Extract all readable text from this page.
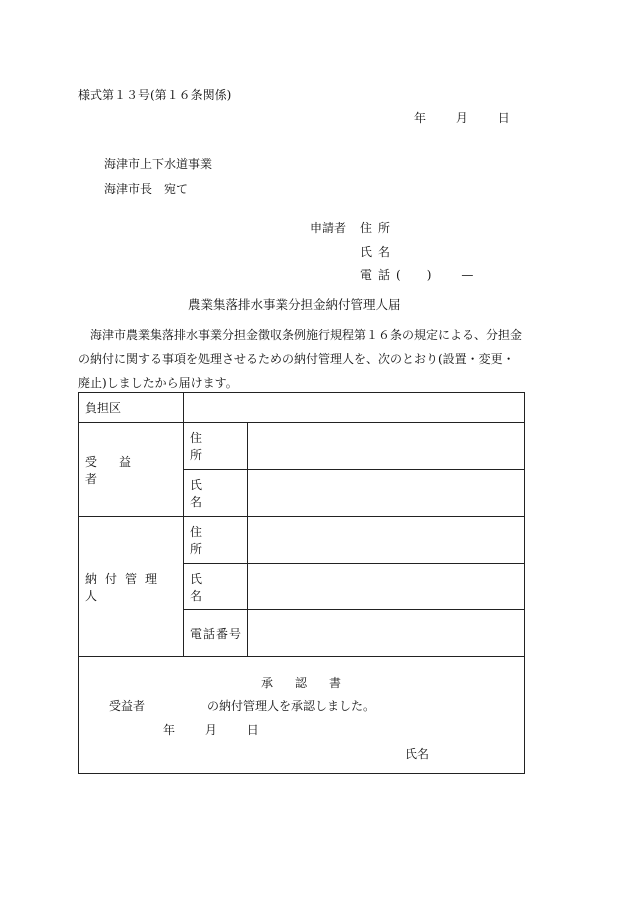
様式第１３号(第１６条関係)
年 月 日
海津市上下水道事業
海津市長　宛て
申請者 住所
氏名
電話( )	—
農業集落排水事業分担金納付管理人届
海津市農業集落排水事業分担金徴収条例施行規程第１６条の規定による、分担金
の納付に関する事項を処理させるための納付管理人を、次のとおり(設置・変更・
廃止)しましたから届けます。
負担区		

受益者	住所	
	氏名	
納付管理人	住所	
	氏名	
	電話番号	

承認書
受益者 の納付管理人を承認しました。
年 月 日
氏名		
